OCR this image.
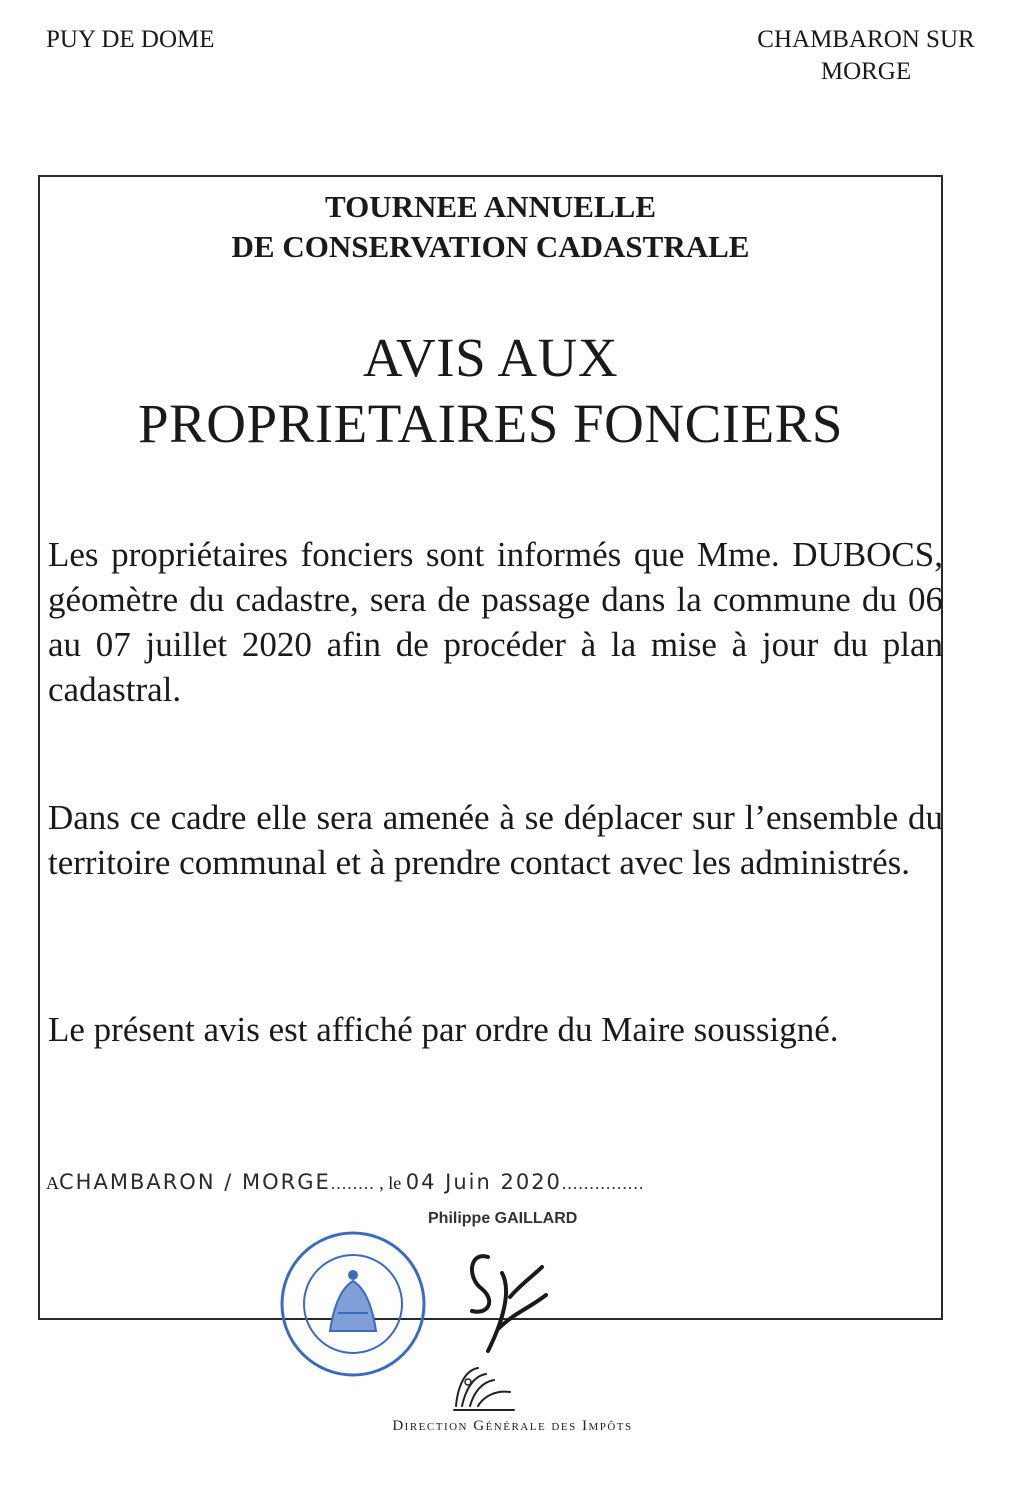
PUY DE DOME	CHAMBARON SUR
MORGE

TOURNEE ANNUELLE

DE CONSERVATION CADASTRALE

AVIS AUX

PROPRIETAIRES FONCIERS

Les propriétaires fonciers sont informés que Mme. DUBOCS, géomètre du cadastre, sera de passage dans la commune du 06 au 07 juillet 2020 afin de procéder à la mise à jour du plan cadastral.

Dans ce cadre elle sera amenée à se déplacer sur l’ensemble du territoire communal et à prendre contact avec les administrés.

Le présent avis est affiché par ordre du Maire soussigné.

ACHAMBARON / MORGE........ , le 04 Juin 2020...............
Philippe GAILLARD
Direction Générale des Impôts
